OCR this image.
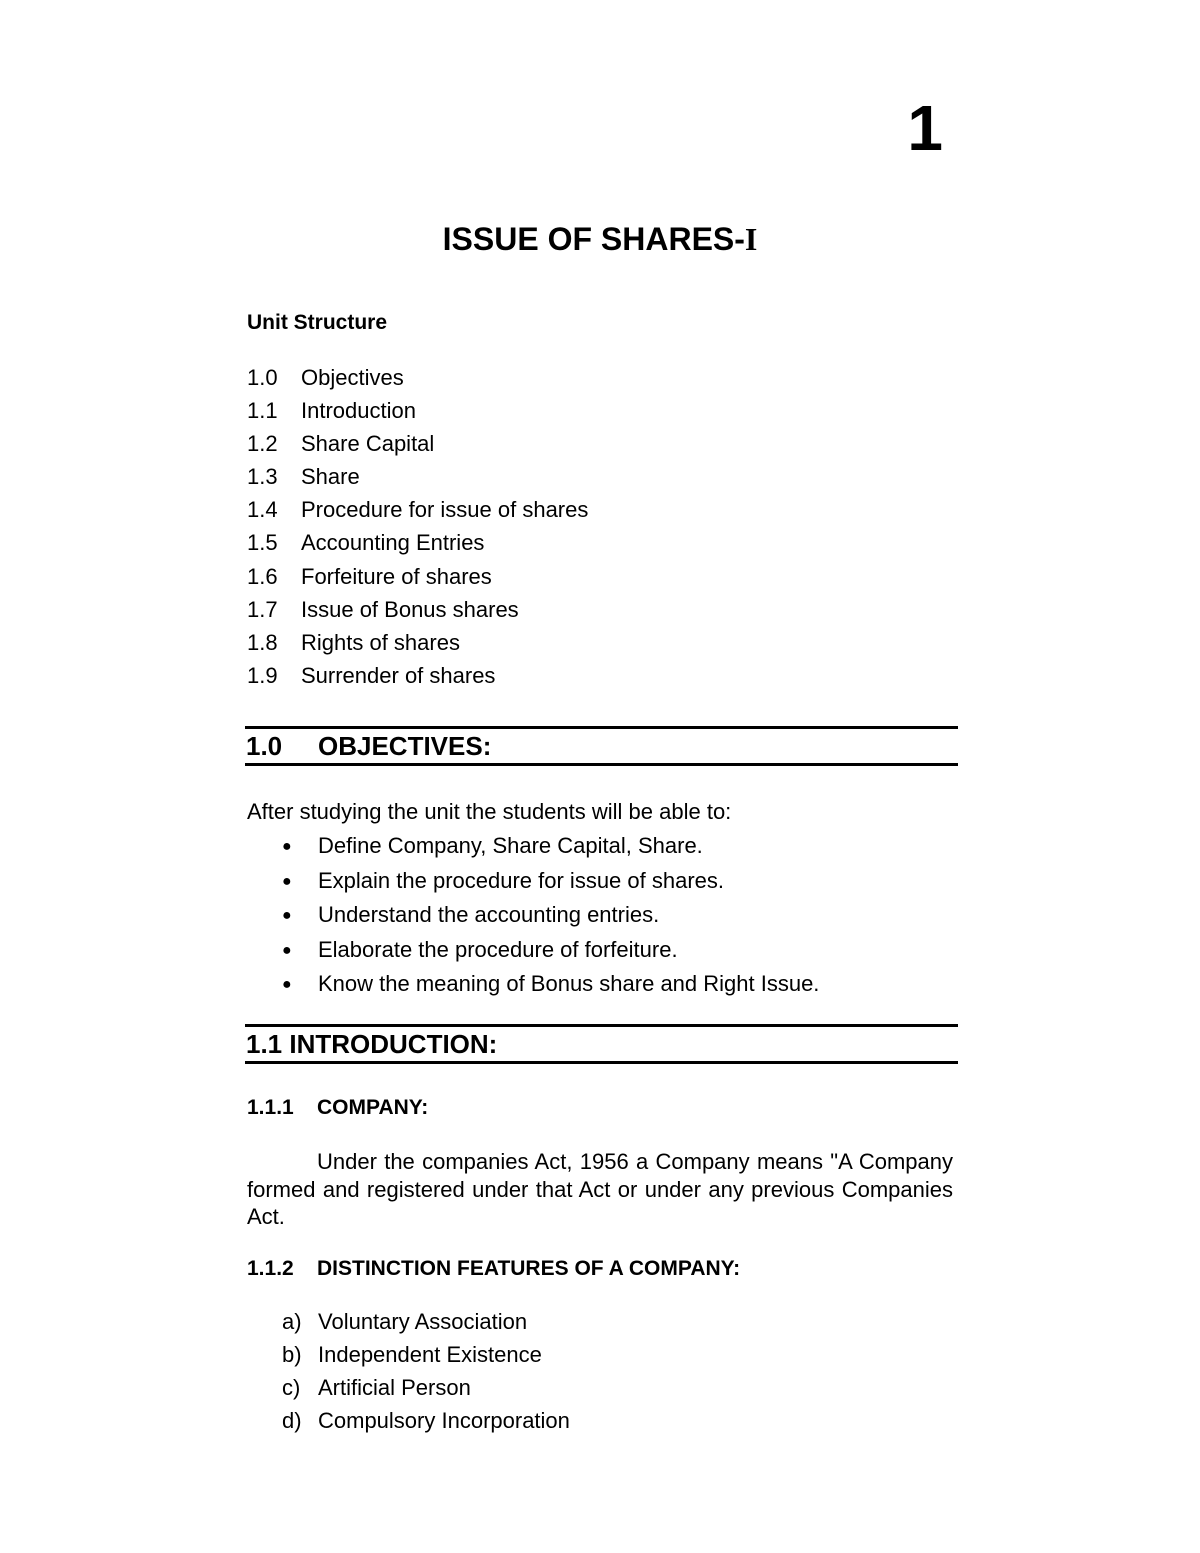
1
ISSUE OF SHARES-I
Unit Structure
1.0 Objectives
1.1 Introduction
1.2 Share Capital
1.3 Share
1.4 Procedure for issue of shares
1.5 Accounting Entries
1.6 Forfeiture of shares
1.7 Issue of Bonus shares
1.8 Rights of shares
1.9 Surrender of shares
1.0 OBJECTIVES:
After studying the unit the students will be able to:
● Define Company, Share Capital, Share.
● Explain the procedure for issue of shares.
● Understand the accounting entries.
● Elaborate the procedure of forfeiture.
● Know the meaning of Bonus share and Right Issue.
1.1 INTRODUCTION:
1.1.1 COMPANY:

Under the companies Act, 1956 a Company means "A Company formed and registered under that Act or under any previous Companies Act.

1.1.2 DISTINCTION FEATURES OF A COMPANY:
a) Voluntary Association
b) Independent Existence
c) Artificial Person
d) Compulsory Incorporation
